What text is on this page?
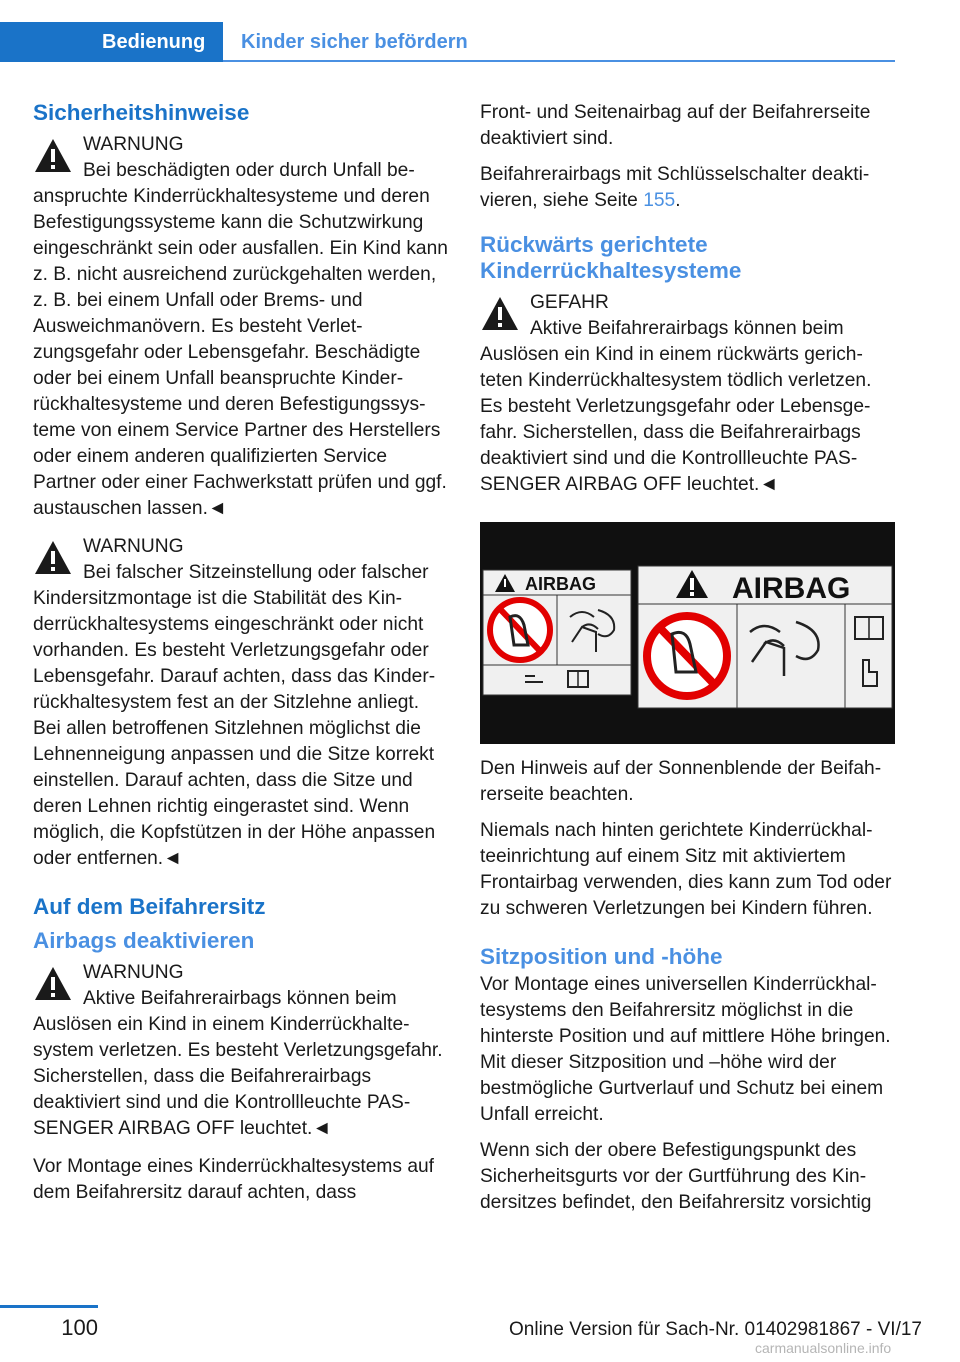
Bedienung	Kinder sicher befördern
Sicherheitshinweise
WARNUNG

Bei beschädigten oder durch Unfall beanspruchte Kinderrückhaltesysteme und deren Befestigungssysteme kann die Schutzwirkung eingeschränkt sein oder ausfallen. Ein Kind kann z. B. nicht ausreichend zurückgehalten werden, z. B. bei einem Unfall oder Brems- und Ausweichmanövern. Es besteht Verletzungsgefahr oder Lebensgefahr. Beschädigte oder bei einem Unfall beanspruchte Kinderrückhaltesysteme und deren Befestigungssysteme von einem Service Partner des Herstellers oder einem anderen qualifizierten Service Partner oder einer Fachwerkstatt prüfen und ggf. austauschen lassen.◄

WARNUNG

Bei falscher Sitzeinstellung oder falscher Kindersitzmontage ist die Stabilität des Kinderrückhaltesystems eingeschränkt oder nicht vorhanden. Es besteht Verletzungsgefahr oder Lebensgefahr. Darauf achten, dass das Kinderrückhaltesystem fest an der Sitzlehne anliegt. Bei allen betroffenen Sitzlehnen möglichst die Lehnenneigung anpassen und die Sitze korrekt einstellen. Darauf achten, dass die Sitze und deren Lehnen richtig eingerastet sind. Wenn möglich, die Kopfstützen in der Höhe anpassen oder entfernen.◄

Auf dem Beifahrersitz
Airbags deaktivieren
WARNUNG

Aktive Beifahrerairbags können beim Auslösen ein Kind in einem Kinderrückhaltesystem verletzen. Es besteht Verletzungsgefahr. Sicherstellen, dass die Beifahrerairbags deaktiviert sind und die Kontrollleuchte PASSENGER AIRBAG OFF leuchtet.◄

Vor Montage eines Kinderrückhaltesystems auf dem Beifahrersitz darauf achten, dass

Front- und Seitenairbag auf der Beifahrerseite deaktiviert sind.

Beifahrerairbags mit Schlüsselschalter deaktivieren, siehe Seite 155.

Rückwärts gerichtete Kinderrückhaltesysteme
GEFAHR

Aktive Beifahrerairbags können beim Auslösen ein Kind in einem rückwärts gerichteten Kinderrückhaltesystem tödlich verletzen. Es besteht Verletzungsgefahr oder Lebensgefahr. Sicherstellen, dass die Beifahrerairbags deaktiviert sind und die Kontrollleuchte PASSENGER AIRBAG OFF leuchtet.◄

AIRBAG	AIRBAG

Den Hinweis auf der Sonnenblende der Beifahrerseite beachten.

Niemals nach hinten gerichtete Kinderrückhalteeinrichtung auf einem Sitz mit aktiviertem Frontairbag verwenden, dies kann zum Tod oder zu schweren Verletzungen bei Kindern führen.

Sitzposition und -höhe

Vor Montage eines universellen Kinderrückhaltesystems den Beifahrersitz möglichst in die hinterste Position und auf mittlere Höhe bringen. Mit dieser Sitzposition und –höhe wird der bestmögliche Gurtverlauf und Schutz bei einem Unfall erreicht.

Wenn sich der obere Befestigungspunkt des Sicherheitsgurts vor der Gurtführung des Kindersitzes befindet, den Beifahrersitz vorsichtig

100	Online Version für Sach-Nr. 01402981867 - VI/17
carmanualsonline.info
